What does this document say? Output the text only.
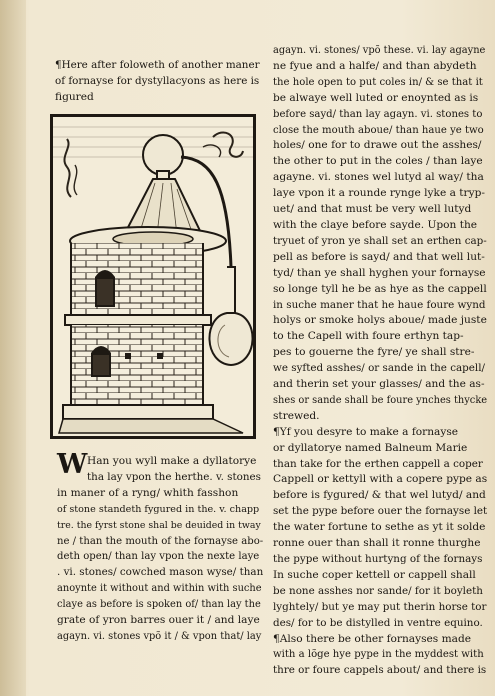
¶Here after foloweth of another maner
of fornayse for dystyllacyons as here is
figured
W Han you wyll make a dyllatorye
tha lay vpon the herthe. v. stones
in maner of a ryng/ whith fasshon
of stone standeth fygured in the. v. chapp
tre. the fyrst stone shal be deuided in tway
ne / than the mouth of the fornayse abo-
deth open/ than lay vpon the nexte laye
. vi. stones/ cowched mason wyse/ than
anoynte it without and within with suche
claye as before is spoken of/ than lay the
grate of yron barres ouer it / and laye
agayn. vi. stones vpõ it / & vpon that/ lay
agayn. vi. stones/ vpõ these. vi. lay agayne
ne fyue and a halfe/ and than abydeth
the hole open to put coles in/ & se that it
be alwaye well luted or enoynted as is
before sayd/ than lay agayn. vi. stones to
close the mouth aboue/ than haue ye two
holes/ one for to drawe out the asshes/
the other to put in the coles / than laye
agayne. vi. stones wel lutyd al way/ tha
laye vpon it a rounde rynge lyke a tryp-
uet/ and that must be very well lutyd
with the claye before sayde. Upon the
tryuet of yron ye shall set an erthen cap-
pell as before is sayd/ and that well lut-
tyd/ than ye shall hyghen your fornayse
so longe tyll he be as hye as the cappell
in suche maner that he haue foure wynd
holys or smoke holys aboue/ made juste
to the Capell with foure erthyn tap-
pes to gouerne the fyre/ ye shall stre-
we syfted asshes/ or sande in the capell/
and therin set your glasses/ and the as-
shes or sande shall be foure ynches thycke
strewed.
¶Yf you desyre to make a fornayse
or dyllatorye named Balneum Marie
than take for the erthen cappell a coper
Cappell or kettyll with a copere pype as
before is fygured/ & that wel lutyd/ and
set the pype before ouer the fornayse let
the water fortune to sethe as yt it solde
ronne ouer than shall it ronne thurghe
the pype without hurtyng of the fornays
In suche coper kettell or cappell shall
be none asshes nor sande/ for it boyleth
lyghtely/ but ye may put therin horse tor
des/ for to be distylled in ventre equino.
¶Also there be other fornayses made
with a lõge hye pype in the myddest with
thre or foure cappels about/ and there is
